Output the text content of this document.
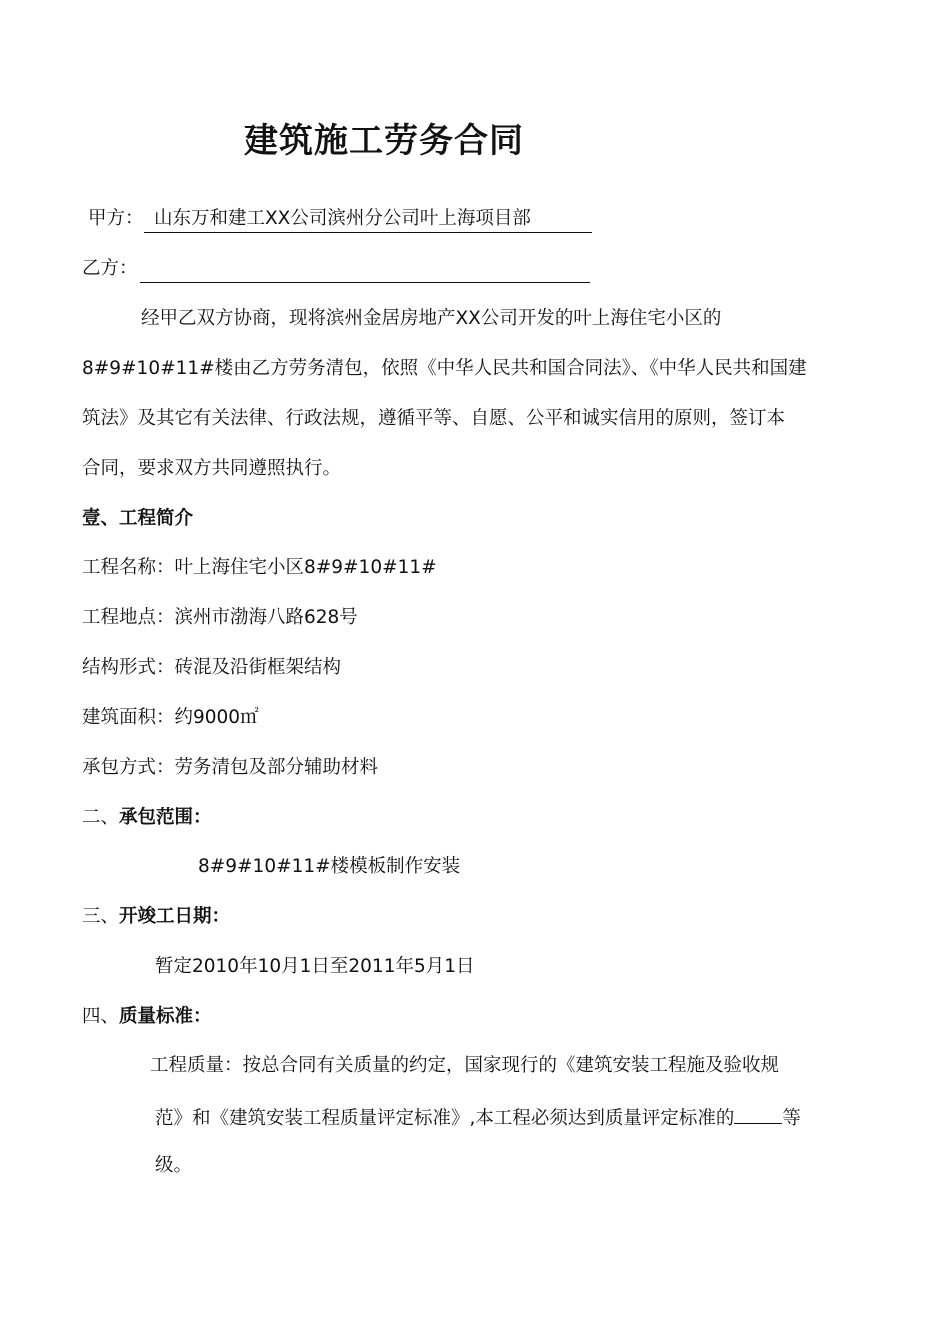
建筑施工劳务合同
甲方： 山东万和建工XX公司滨州分公司叶上海项目部
乙方：
经甲乙双方协商，现将滨州金居房地产XX公司开发的叶上海住宅小区的
8#9#10#11#楼由乙方劳务清包，依照《中华人民共和国合同法》、《中华人民共和国建
筑法》及其它有关法律、行政法规，遵循平等、自愿、公平和诚实信用的原则，签订本
合同，要求双方共同遵照执行。
壹、工程简介
工程名称：叶上海住宅小区8#9#10#11#
工程地点：滨州市渤海八路628号
结构形式：砖混及沿街框架结构
建筑面积：约9000㎡
承包方式：劳务清包及部分辅助材料
二、承包范围：
8#9#10#11#楼模板制作安装
三、开竣工日期：
暂定2010年10月1日至2011年5月1日
四、质量标准：
工程质量：按总合同有关质量的约定，国家现行的《建筑安装工程施及验收规
范》和《建筑安装工程质量评定标准》,本工程必须达到质量评定标准的	等
级。
